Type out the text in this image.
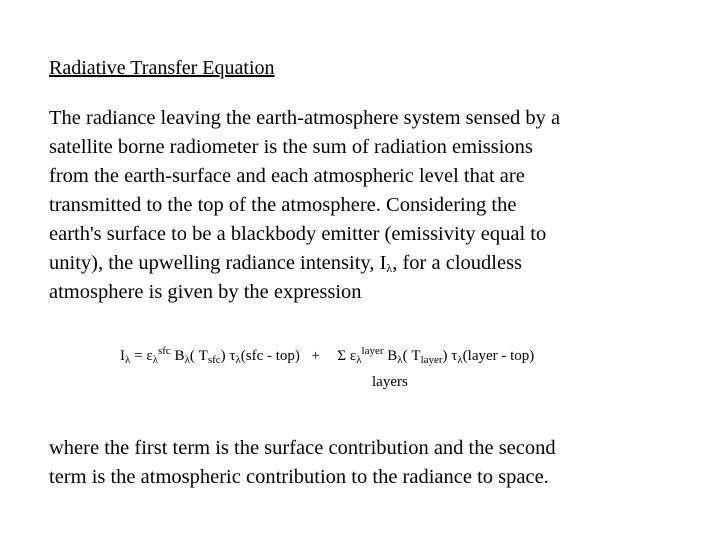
Radiative Transfer Equation

The radiance leaving the earth-atmosphere system sensed by a
satellite borne radiometer is the sum of radiation emissions
from the earth-surface and each atmospheric level that are
transmitted to the top of the atmosphere. Considering the
earth's surface to be a blackbody emitter (emissivity equal to
unity), the upwelling radiance intensity, $I_\lambda$, for a cloudless
atmosphere is given by the expression

$I_\lambda = \varepsilon_\lambda^{sfc}$ $B_\lambda$( $T_{sfc}$) $\tau_\lambda(sfc - top) + \Sigma$ $\varepsilon_\lambda^{layer}$ $B_\lambda$( $T_{layer}$) $\tau_\lambda(layer - top)$
layers

where the first term is the surface contribution and the second
term is the atmospheric contribution to the radiance to space.
